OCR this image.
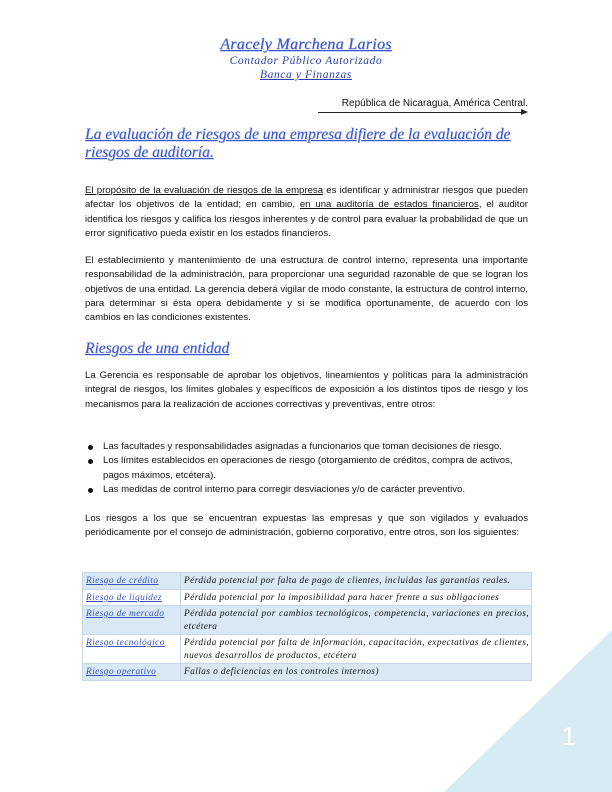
Aracely Marchena Larios
Contador Público Autorizado
Banca y Finanzas
República de Nicaragua, América Central.
La evaluación de riesgos de una empresa difiere de la evaluación de riesgos de auditoría.
El propósito de la evaluación de riesgos de la empresa es identificar y administrar riesgos que pueden afectar los objetivos de la entidad; en cambio, en una auditoría de estados financieros, el auditor identifica los riesgos y califica los riesgos inherentes y de control para evaluar la probabilidad de que un error significativo pueda existir en los estados financieros.
El establecimiento y mantenimiento de una estructura de control interno, representa una importante responsabilidad de la administración, para proporcionar una seguridad razonable de que se logran los objetivos de una entidad. La gerencia deberá vigilar de modo constante, la estructura de control interno, para determinar si ésta opera debidamente y si se modifica oportunamente, de acuerdo con los cambios en las condiciones existentes.
Riesgos de una entidad
La Gerencia es responsable de aprobar los objetivos, lineamientos y políticas para la administración integral de riesgos, los límites globales y específicos de exposición a los distintos tipos de riesgo y los mecanismos para la realización de acciones correctivas y preventivas, entre otros:
Las facultades y responsabilidades asignadas a funcionarios que toman decisiones de riesgo.
Los límites establecidos en operaciones de riesgo (otorgamiento de créditos, compra de activos, pagos máximos, etcétera).
Las medidas de control interno para corregir desviaciones y/o de carácter preventivo.
Los riesgos a los que se encuentran expuestas las empresas y que son vigilados y evaluados periódicamente por el consejo de administración, gobierno corporativo, entre otros, son los siguientes:
Riesgo de crédito	Pérdida potencial por falta de pago de clientes, incluidas las garantías reales.
Riesgo de liquidez	Pérdida potencial por la imposibilidad para hacer frente a sus obligaciones
Riesgo de mercado	Pérdida potencial por cambios tecnológicos, competencia, variaciones en precios, etcétera
Riesgo tecnológico	Pérdida potencial por falta de información, capacitación, expectativas de clientes, nuevos desarrollos de productos, etcétera
Riesgo operativo	Fallas o deficiencias en los controles internos)
1
